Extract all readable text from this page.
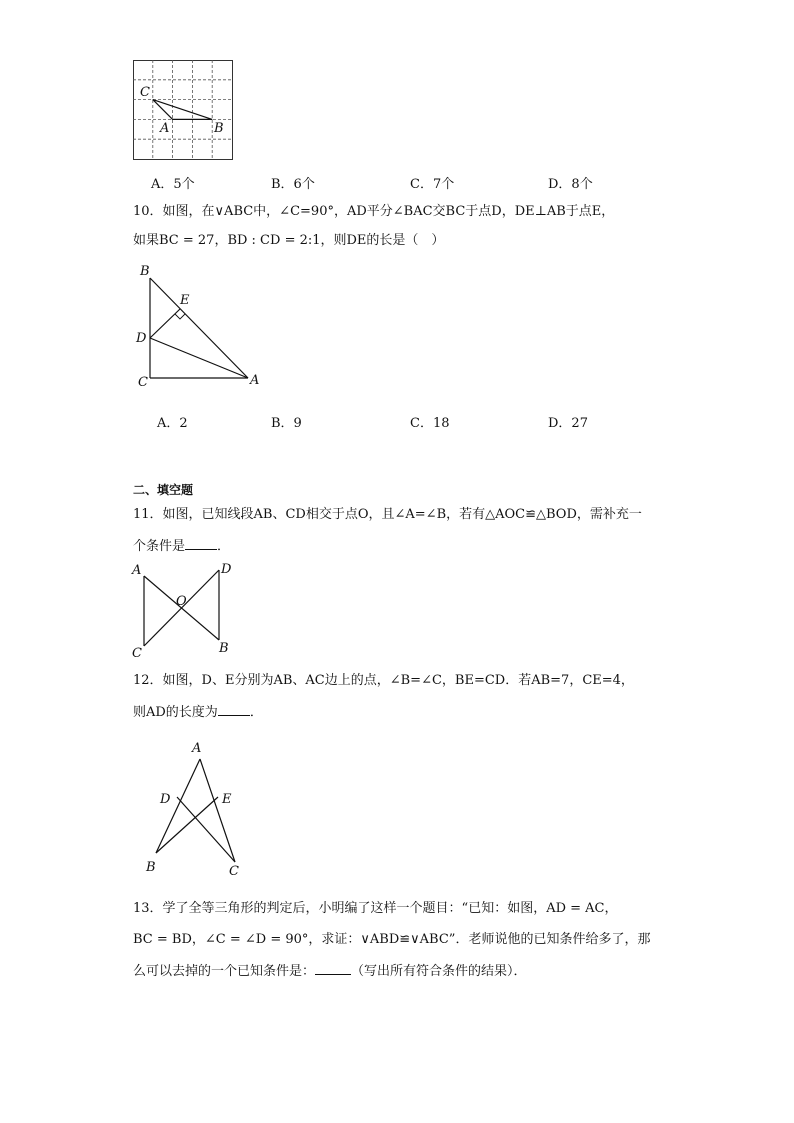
C
A	B
A．5个	B．6个	C．7个	D．8个
10．如图，在∨ABC中，∠C=90°，AD平分∠BAC交BC于点D，DE⊥AB于点E，
如果BC = 27，BD : CD = 2:1，则DE的长是（　）
B
E
D
C	A
A．2	B．9	C．18	D．27
二、填空题
11．如图，已知线段AB、CD相交于点O，且∠A=∠B，若有△AOC≌△BOD，需补充一
个条件是 ．
A	D
O
C	B
12．如图，D、E分别为AB、AC边上的点，∠B=∠C，BE=CD．若AB=7，CE=4，
则AD的长度为 ．
A
D	E
B	C
13．学了全等三角形的判定后，小明编了这样一个题目：“已知：如图，AD = AC，
BC = BD，∠C = ∠D = 90°，求证：∨ABD≌∨ABC”．老师说他的已知条件给多了，那
么可以去掉的一个已知条件是：	（写出所有符合条件的结果）．
